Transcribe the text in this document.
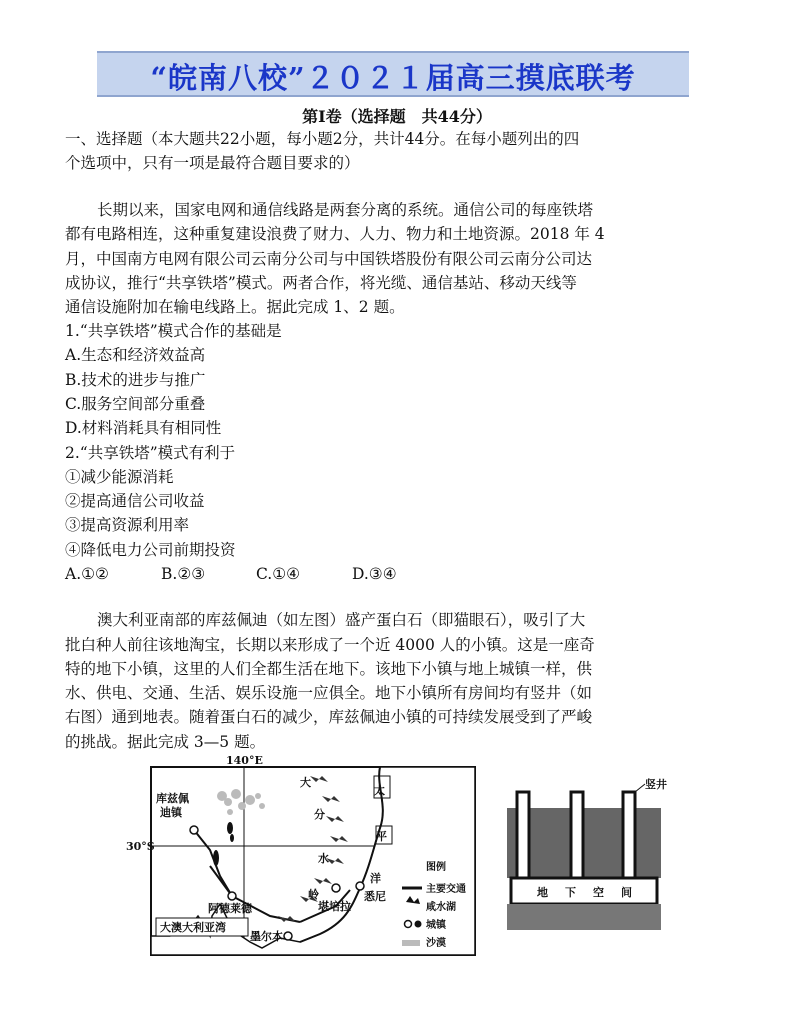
“皖南八校”２０２１届高三摸底联考
第Ⅰ卷（选择题　共44分）
一、选择题（本大题共22小题，每小题2分，共计44分。在每小题列出的四
个选项中，只有一项是最符合题目要求的）
长期以来，国家电网和通信线路是两套分离的系统。通信公司的每座铁塔
都有电路相连，这种重复建设浪费了财力、人力、物力和土地资源。2018 年 4
月，中国南方电网有限公司云南分公司与中国铁塔股份有限公司云南分公司达
成协议，推行“共享铁塔”模式。两者合作，将光缆、通信基站、移动天线等
通信设施附加在输电线路上。据此完成 1、2 题。
1.“共享铁塔”模式合作的基础是
A.生态和经济效益高
B.技术的进步与推广
C.服务空间部分重叠
D.材料消耗具有相同性
2.“共享铁塔”模式有利于
①减少能源消耗
②提高通信公司收益
③提高资源利用率
④降低电力公司前期投资
A.①②	B.②③	C.①④	D.③④
澳大利亚南部的库兹佩迪（如左图）盛产蛋白石（即猫眼石），吸引了大
批白种人前往该地淘宝，长期以来形成了一个近 4000 人的小镇。这是一座奇
特的地下小镇，这里的人们全都生活在地下。该地下小镇与地上城镇一样，供
水、供电、交通、生活、娱乐设施一应俱全。地下小镇所有房间均有竖井（如
右图）通到地表。随着蛋白石的减少，库兹佩迪小镇的可持续发展受到了严峻
的挑战。据此完成 3—5 题。
140°E
库兹佩
迪镇
30°S
阿德莱德
墨尔本
堪培拉
悉尼
大
分
水
岭
太
平
洋
大澳大利亚湾
图例
主要交通
咸水湖
城镇
沙漠
竖井
地 下 空 间
